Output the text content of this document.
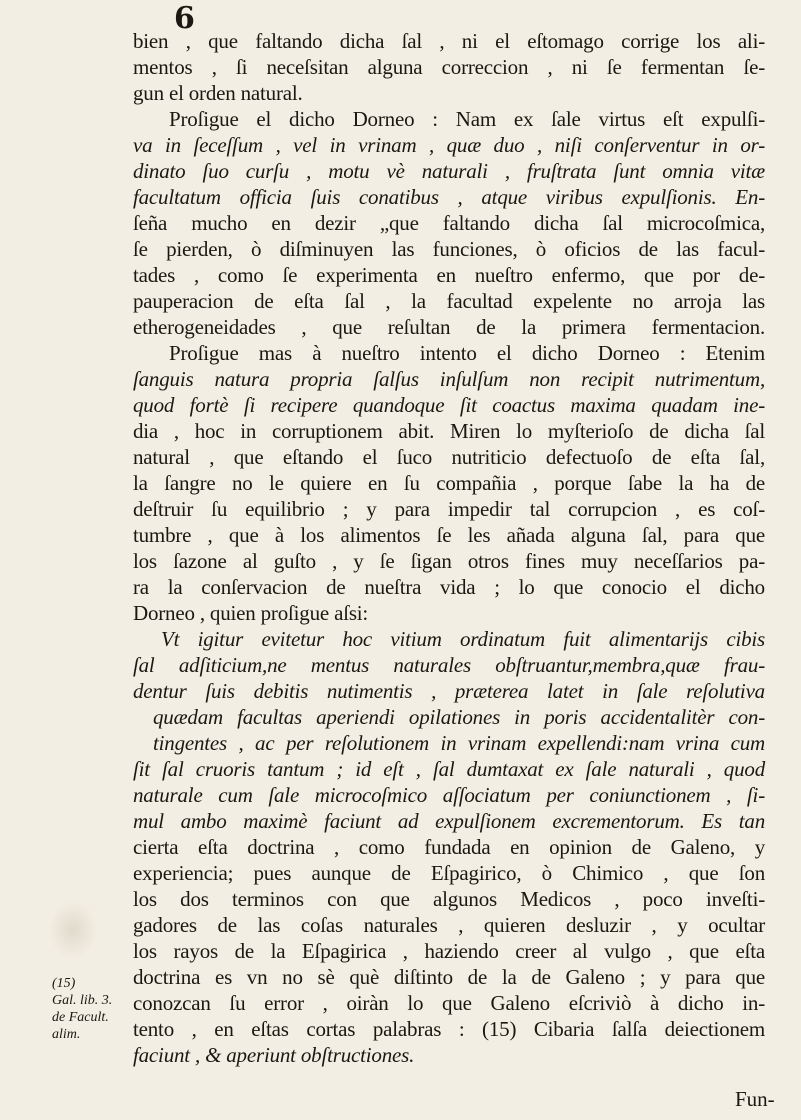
6
bien , que faltando dicha ſal , ni el eſtomago corrige los ali-
mentos , ſi neceſsitan alguna correccion , ni ſe fermentan ſe-
gun el orden natural.
Proſigue el dicho Dorneo : Nam ex ſale virtus eſt expulſi-
va in ſeceſſum , vel in vrinam , quæ duo , niſi conſerventur in or-
dinato ſuo curſu , motu vè naturali , fruſtrata ſunt omnia vitæ
facultatum officia ſuis conatibus , atque viribus expulſionis. En-
ſeña mucho en dezir „que faltando dicha ſal microcoſmica,
ſe pierden, ò diſminuyen las funciones, ò oficios de las facul-
tades , como ſe experimenta en nueſtro enfermo, que por de-
pauperacion de eſta ſal , la facultad expelente no arroja las
etherogeneidades , que reſultan de la primera fermentacion.
Proſigue mas à nueſtro intento el dicho Dorneo : Etenim
ſanguis natura propria ſalſus inſulſum non recipit nutrimentum,
quod fortè ſi recipere quandoque ſit coactus maxima quadam ine-
dia , hoc in corruptionem abit. Miren lo myſterioſo de dicha ſal
natural , que eſtando el ſuco nutriticio defectuoſo de eſta ſal,
la ſangre no le quiere en ſu compañia , porque ſabe la ha de
deſtruir ſu equilibrio ; y para impedir tal corrupcion , es coſ-
tumbre , que à los alimentos ſe les añada alguna ſal, para que
los ſazone al guſto , y ſe ſigan otros fines muy neceſſarios pa-
ra la conſervacion de nueſtra vida ; lo que conocio el dicho
Dorneo , quien proſigue aſsi:
Vt igitur evitetur hoc vitium ordinatum fuit alimentarijs cibis
ſal adſiticium,ne mentus naturales obſtruantur,membra,quæ frau-
dentur ſuis debitis nutimentis , præterea latet in ſale reſolutiva
quædam facultas aperiendi opilationes in poris accidentalitèr con-
tingentes , ac per reſolutionem in vrinam expellendi:nam vrina cum
ſit ſal cruoris tantum ; id eſt , ſal dumtaxat ex ſale naturali , quod
naturale cum ſale microcoſmico aſſociatum per coniunctionem , ſi-
mul ambo maximè faciunt ad expulſionem excrementorum. Es tan
cierta eſta doctrina , como fundada en opinion de Galeno, y
experiencia; pues aunque de Eſpagirico, ò Chimico , que ſon
los dos terminos con que algunos Medicos , poco inveſti-
gadores de las coſas naturales , quieren desluzir , y ocultar
los rayos de la Eſpagirica , haziendo creer al vulgo , que eſta
doctrina es vn no sè què diſtinto de la de Galeno ; y para que
conozcan ſu error , oiràn lo que Galeno eſcriviò à dicho in-
tento , en eſtas cortas palabras : (15) Cibaria ſalſa deiectionem
faciunt , & aperiunt obſtructiones.
(15)
Gal. lib. 3.
de Facult.
alim.
Fun-
